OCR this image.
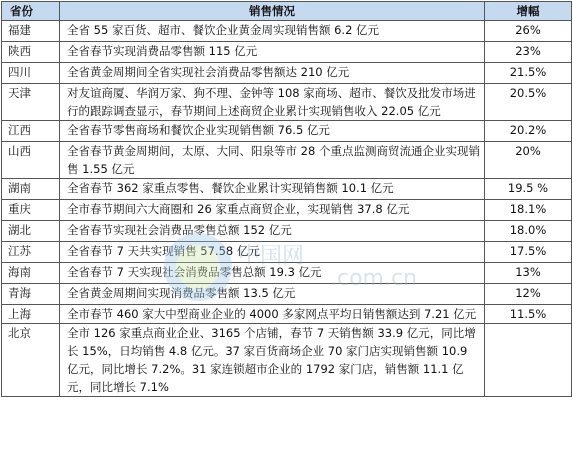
省份	销售情况	增幅
福建	全省 55 家百货、超市、餐饮企业黄金周实现销售额 6.2 亿元	26%
陕西	全省春节实现消费品零售额 115 亿元	23%
四川	全省黄金周期间全省实现社会消费品零售额达 210 亿元	21.5%
天津	对友谊商厦、华润万家、狗不理、金钟等 108 家商场、超市、餐饮及批发市场进行的跟踪调查显示，春节期间上述商贸企业累计实现销售收入 22.05 亿元	20.5%
江西	全省春节零售商场和餐饮企业实现销售额 76.5 亿元	20.2%
山西	全省春节黄金周期间，太原、大同、阳泉等市 28 个重点监测商贸流通企业实现销售 1.55 亿元	20%
湖南	全省春节 362 家重点零售、餐饮企业累计实现销售额 10.1 亿元	19.5 %
重庆	全市春节期间六大商圈和 26 家重点商贸企业，实现销售 37.8 亿元	18.1%
湖北	全省春节实现社会消费品零售总额 152 亿元	18.0%
江苏	全省春节 7 天共实现销售 57.58 亿元	17.5%
海南	全省春节 7 天实现社会消费品零售总额 19.3 亿元	13%
青海	全省黄金周期间实现消费品零售额 13.5 亿元	12%
上海	全市春节 460 家大中型商业企业的 4000 多家网点平均日销售额达到 7.21 亿元	11.5%
北京	全市 126 家重点商业企业、3165 个店铺，春节 7 天销售额 33.9 亿元，同比增长 15%，日均销售 4.8 亿元。37 家百货商场企业 70 家门店实现销售额 10.9 亿元，同比增长 7.2%。31 家连锁超市企业的 1792 家门店，销售额 11.1 亿元，同比增长 7.1%	
中国网
.com.cn
